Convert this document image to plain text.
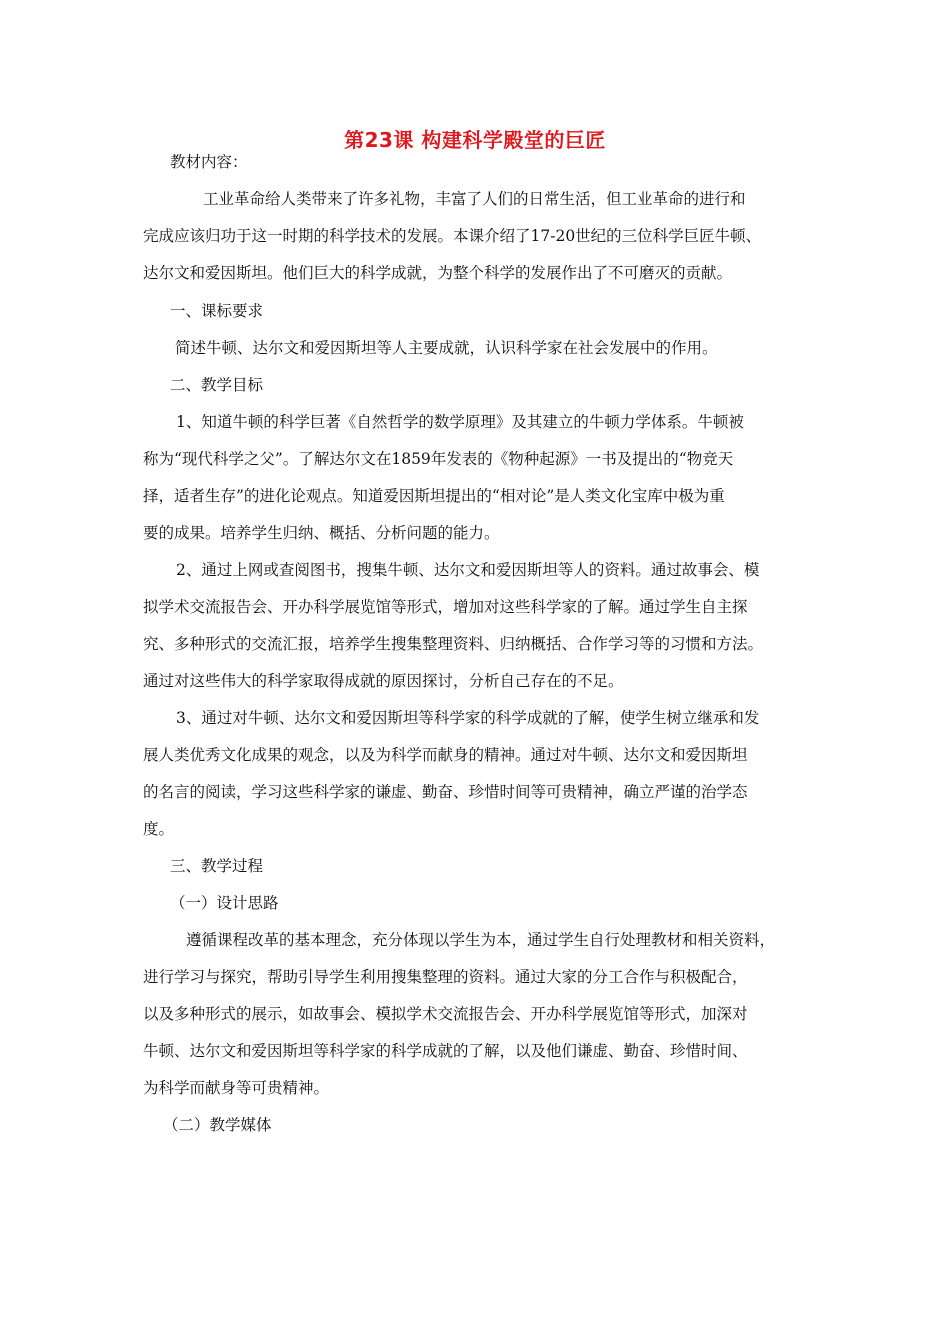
第23课 构建科学殿堂的巨匠
教材内容：
工业革命给人类带来了许多礼物，丰富了人们的日常生活，但工业革命的进行和
完成应该归功于这一时期的科学技术的发展。本课介绍了17-20世纪的三位科学巨匠牛顿、
达尔文和爱因斯坦。他们巨大的科学成就，为整个科学的发展作出了不可磨灭的贡献。
一、课标要求
简述牛顿、达尔文和爱因斯坦等人主要成就，认识科学家在社会发展中的作用。
二、教学目标
1、知道牛顿的科学巨著《自然哲学的数学原理》及其建立的牛顿力学体系。牛顿被
称为“现代科学之父”。了解达尔文在1859年发表的《物种起源》一书及提出的“物竞天
择，适者生存”的进化论观点。知道爱因斯坦提出的“相对论”是人类文化宝库中极为重
要的成果。培养学生归纳、概括、分析问题的能力。
2、通过上网或查阅图书，搜集牛顿、达尔文和爱因斯坦等人的资料。通过故事会、模
拟学术交流报告会、开办科学展览馆等形式，增加对这些科学家的了解。通过学生自主探
究、多种形式的交流汇报，培养学生搜集整理资料、归纳概括、合作学习等的习惯和方法。
通过对这些伟大的科学家取得成就的原因探讨，分析自己存在的不足。
3、通过对牛顿、达尔文和爱因斯坦等科学家的科学成就的了解，使学生树立继承和发
展人类优秀文化成果的观念，以及为科学而献身的精神。通过对牛顿、达尔文和爱因斯坦
的名言的阅读，学习这些科学家的谦虚、勤奋、珍惜时间等可贵精神，确立严谨的治学态
度。
三、教学过程
（一）设计思路
遵循课程改革的基本理念，充分体现以学生为本，通过学生自行处理教材和相关资料，
进行学习与探究，帮助引导学生利用搜集整理的资料。通过大家的分工合作与积极配合，
以及多种形式的展示，如故事会、模拟学术交流报告会、开办科学展览馆等形式，加深对
牛顿、达尔文和爱因斯坦等科学家的科学成就的了解，以及他们谦虚、勤奋、珍惜时间、
为科学而献身等可贵精神。
（二）教学媒体
